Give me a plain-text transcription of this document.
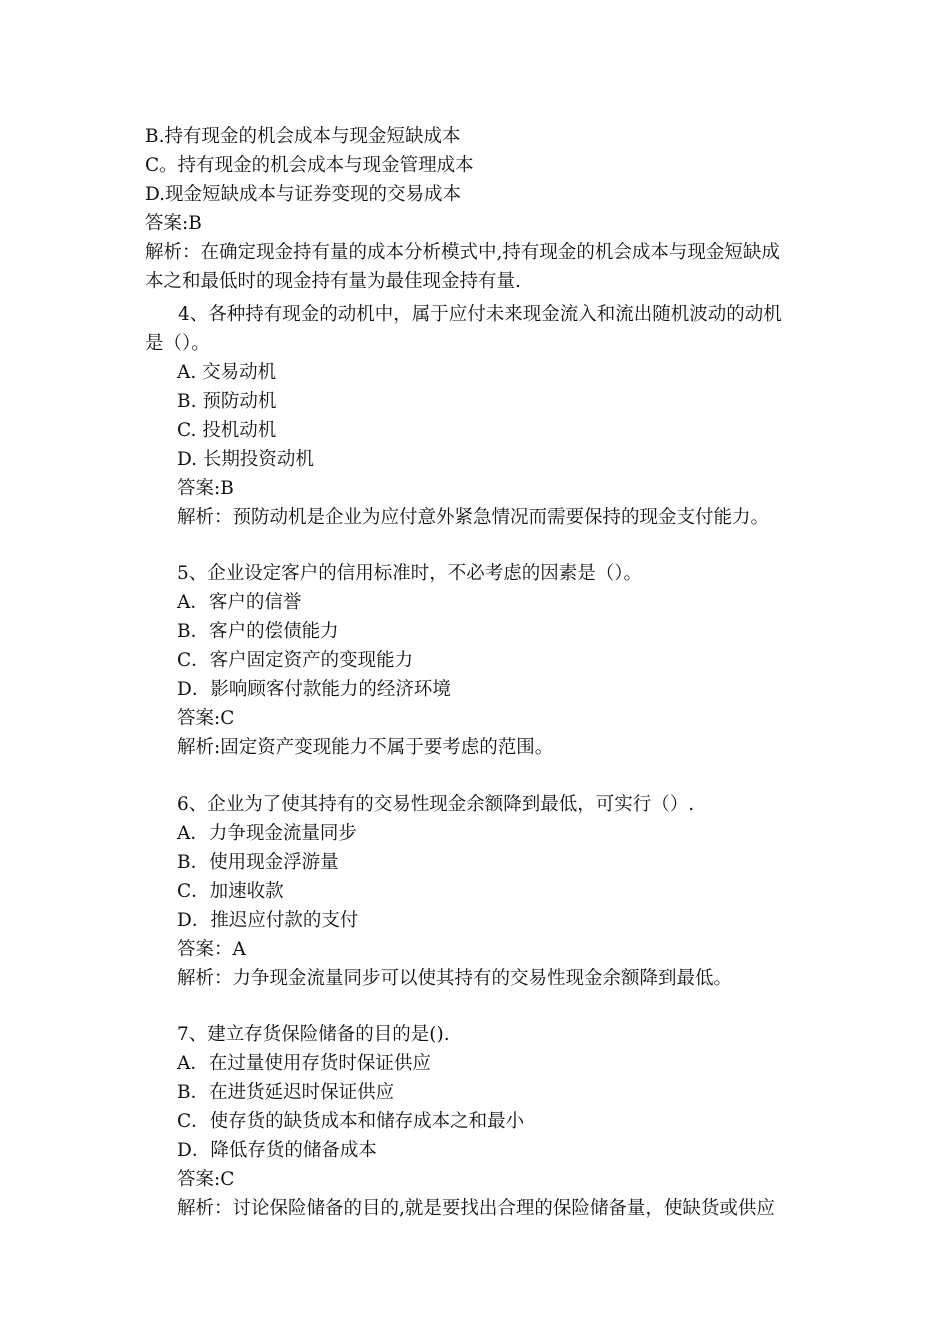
B.持有现金的机会成本与现金短缺成本
C。持有现金的机会成本与现金管理成本
D.现金短缺成本与证券变现的交易成本
答案:B
解析：在确定现金持有量的成本分析模式中,持有现金的机会成本与现金短缺成
本之和最低时的现金持有量为最佳现金持有量.
4、各种持有现金的动机中，属于应付未来现金流入和流出随机波动的动机
是（）。
A. 交易动机
B. 预防动机
C. 投机动机
D. 长期投资动机
答案:B
解析：预防动机是企业为应付意外紧急情况而需要保持的现金支付能力。
5、企业设定客户的信用标准时，不必考虑的因素是（）。
A．客户的信誉
B．客户的偿债能力
C．客户固定资产的变现能力
D．影响顾客付款能力的经济环境
答案:C
解析:固定资产变现能力不属于要考虑的范围。
6、企业为了使其持有的交易性现金余额降到最低，可实行（）.
A．力争现金流量同步
B．使用现金浮游量
C．加速收款
D．推迟应付款的支付
答案：A
解析：力争现金流量同步可以使其持有的交易性现金余额降到最低。
7、建立存货保险储备的目的是().
A．在过量使用存货时保证供应
B．在进货延迟时保证供应
C．使存货的缺货成本和储存成本之和最小
D．降低存货的储备成本
答案:C
解析：讨论保险储备的目的,就是要找出合理的保险储备量，使缺货或供应
